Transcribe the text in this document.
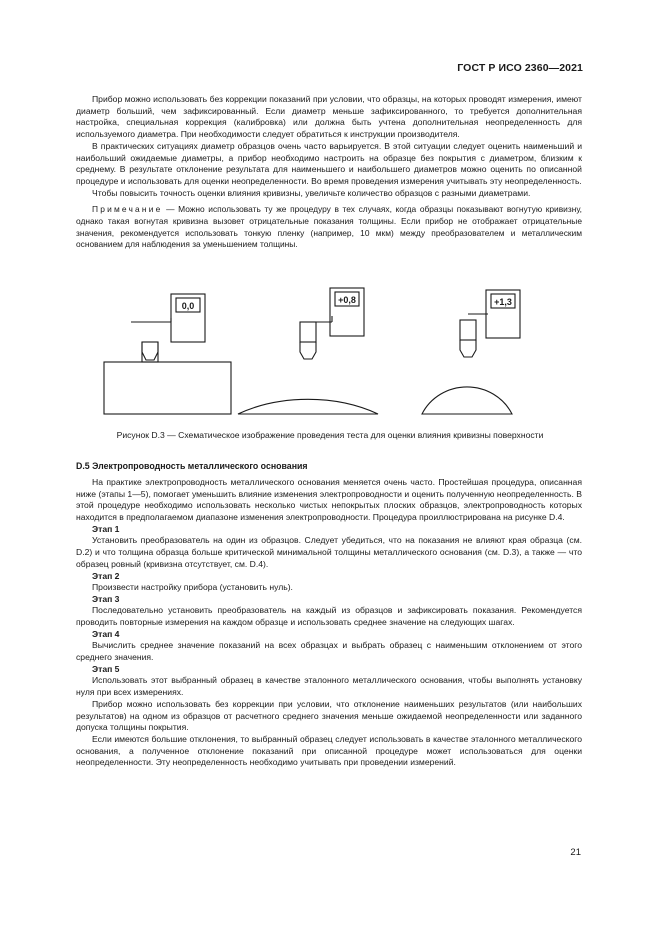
ГОСТ Р ИСО 2360—2021

Прибор можно использовать без коррекции показаний при условии, что образцы, на которых проводят измерения, имеют диаметр больший, чем зафиксированный. Если диаметр меньше зафиксированного, то требуется дополнительная настройка, специальная коррекция (калибровка) или должна быть учтена дополнительная неопределенность для используемого диаметра. При необходимости следует обратиться к инструкции производителя.

В практических ситуациях диаметр образцов очень часто варьируется. В этой ситуации следует оценить наименьший и наибольший ожидаемые диаметры, а прибор необходимо настроить на образце без покрытия с диаметром, близким к среднему. В результате отклонение результата для наименьшего и наибольшего диаметров можно оценить по описанной процедуре и использовать для оценки неопределенности. Во время проведения измерения учитывать эту неопределенность.

Чтобы повысить точность оценки влияния кривизны, увеличьте количество образцов с разными диаметрами.

Примечание — Можно использовать ту же процедуру в тех случаях, когда образцы показывают вогнутую кривизну, однако такая вогнутая кривизна вызовет отрицательные показания толщины. Если прибор не отображает отрицательные значения, рекомендуется использовать тонкую пленку (например, 10 мкм) между преобразователем и металлическим основанием для наблюдения за уменьшением толщины.

0,0
+0,8	+1,3
Рисунок D.3 — Схематическое изображение проведения теста для оценки влияния кривизны поверхности

D.5 Электропроводность металлического основания

На практике электропроводность металлического основания меняется очень часто. Простейшая процедура, описанная ниже (этапы 1—5), помогает уменьшить влияние изменения электропроводности и оценить полученную неопределенность. В этой процедуре необходимо использовать несколько чистых непокрытых плоских образцов, электропроводность которых находится в предполагаемом диапазоне изменения электропроводности. Процедура проиллюстрирована на рисунке D.4.

Этап 1

Установить преобразователь на один из образцов. Следует убедиться, что на показания не влияют края образца (см. D.2) и что толщина образца больше критической минимальной толщины металлического основания (см. D.3), а также — что образец ровный (кривизна отсутствует, см. D.4).

Этап 2

Произвести настройку прибора (установить нуль).

Этап 3

Последовательно установить преобразователь на каждый из образцов и зафиксировать показания. Рекомендуется проводить повторные измерения на каждом образце и использовать среднее значение на следующих шагах.

Этап 4

Вычислить среднее значение показаний на всех образцах и выбрать образец с наименьшим отклонением от этого среднего значения.

Этап 5

Использовать этот выбранный образец в качестве эталонного металлического основания, чтобы выполнять установку нуля при всех измерениях.

Прибор можно использовать без коррекции при условии, что отклонение наименьших результатов (или наибольших результатов) на одном из образцов от расчетного среднего значения меньше ожидаемой неопределенности или заданного допуска толщины покрытия.

Если имеются большие отклонения, то выбранный образец следует использовать в качестве эталонного металлического основания, а полученное отклонение показаний при описанной процедуре может использоваться для оценки неопределенности. Эту неопределенность необходимо учитывать при проведении измерений.

21
